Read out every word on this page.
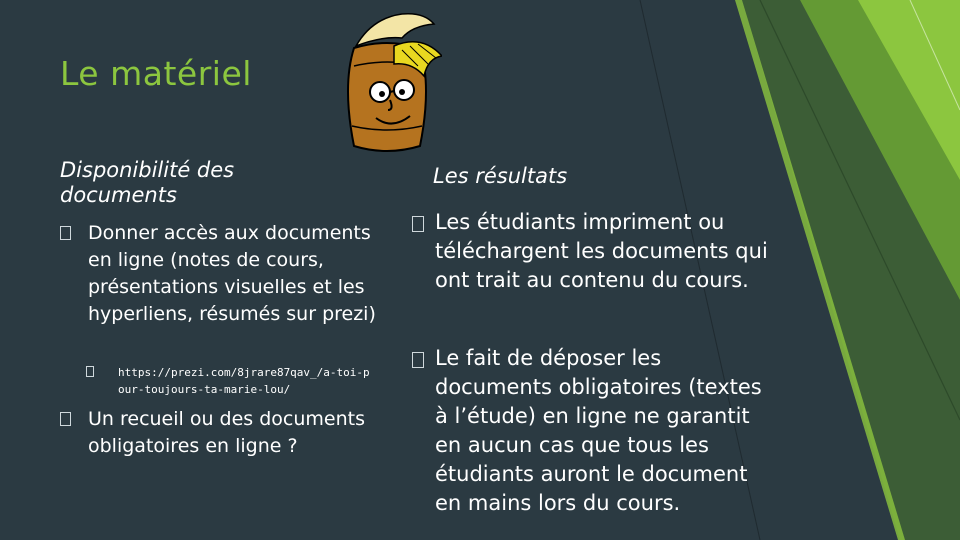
Le matériel
Disponibilité des documents
Donner accès aux documents en ligne (notes de cours, présentations visuelles et les hyperliens, résumés sur prezi)
https://prezi.com/8jrare87qav_/a-toi-pour-toujours-ta-marie-lou/
Un recueil ou des documents obligatoires en ligne ?
Les résultats
Les étudiants impriment ou téléchargent les documents qui ont trait au contenu du cours.
Le fait de déposer les documents obligatoires (textes à l’étude) en ligne ne garantit en aucun cas que tous les étudiants auront le document en mains lors du cours.
